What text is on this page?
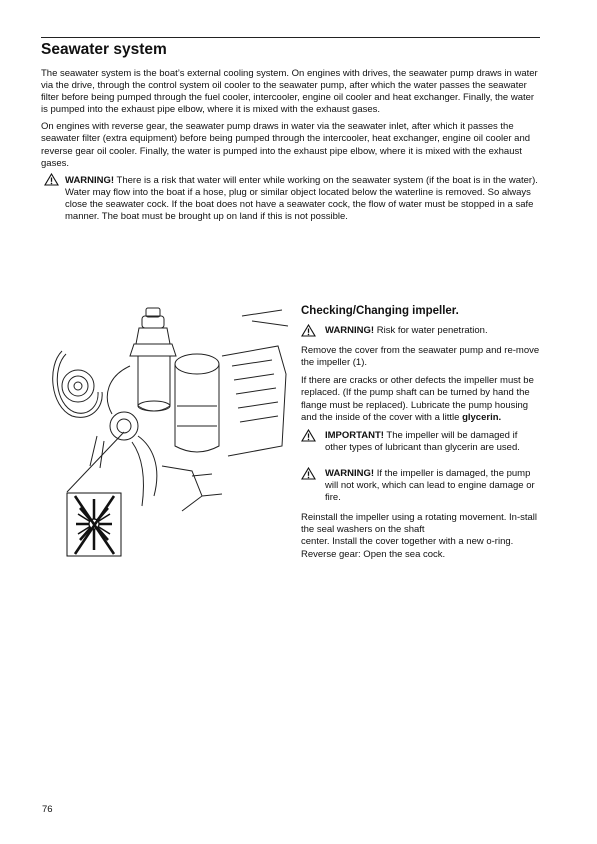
Seawater system

The seawater system is the boat’s external cooling system. On engines with drives, the seawater pump draws in water via the drive, through the control system oil cooler to the seawater pump, after which the water passes the seawater filter before being pumped through the fuel cooler, intercooler, engine oil cooler and heat exchanger. Finally, the water is pumped into the exhaust pipe elbow, where it is mixed with the exhaust gases.

On engines with reverse gear, the seawater pump draws in water via the seawater inlet, after which it passes the seawater filter (extra equipment) before being pumped through the intercooler, heat exchanger, engine oil cooler and reverse gear oil cooler. Finally, the water is pumped into the exhaust pipe elbow, where it is mixed with the exhaust gases.

WARNING! There is a risk that water will enter while working on the seawater system (if the boat is in the water). Water may flow into the boat if a hose, plug or similar object located below the waterline is removed. So always close the seawater cock. If the boat does not have a seawater cock, the flow of water must be stopped in a safe manner. The boat must be brought up on land if this is not possible.

Checking/Changing impeller.

WARNING! Risk for water penetration.

Remove the cover from the seawater pump and re-move the impeller (1).

If there are cracks or other defects the impeller must be replaced. (If the pump shaft can be turned by hand the flange must be replaced). Lubricate the pump housing and the inside of the cover with a little glycerin.

IMPORTANT! The impeller will be damaged if other types of lubricant than glycerin are used.

WARNING! If the impeller is damaged, the pump will not work, which can lead to engine damage or fire.

Reinstall the impeller using a rotating movement. In-stall the seal washers on the shaft
center. Install the cover together with a new o-ring. Reverse gear: Open the sea cock.

76
